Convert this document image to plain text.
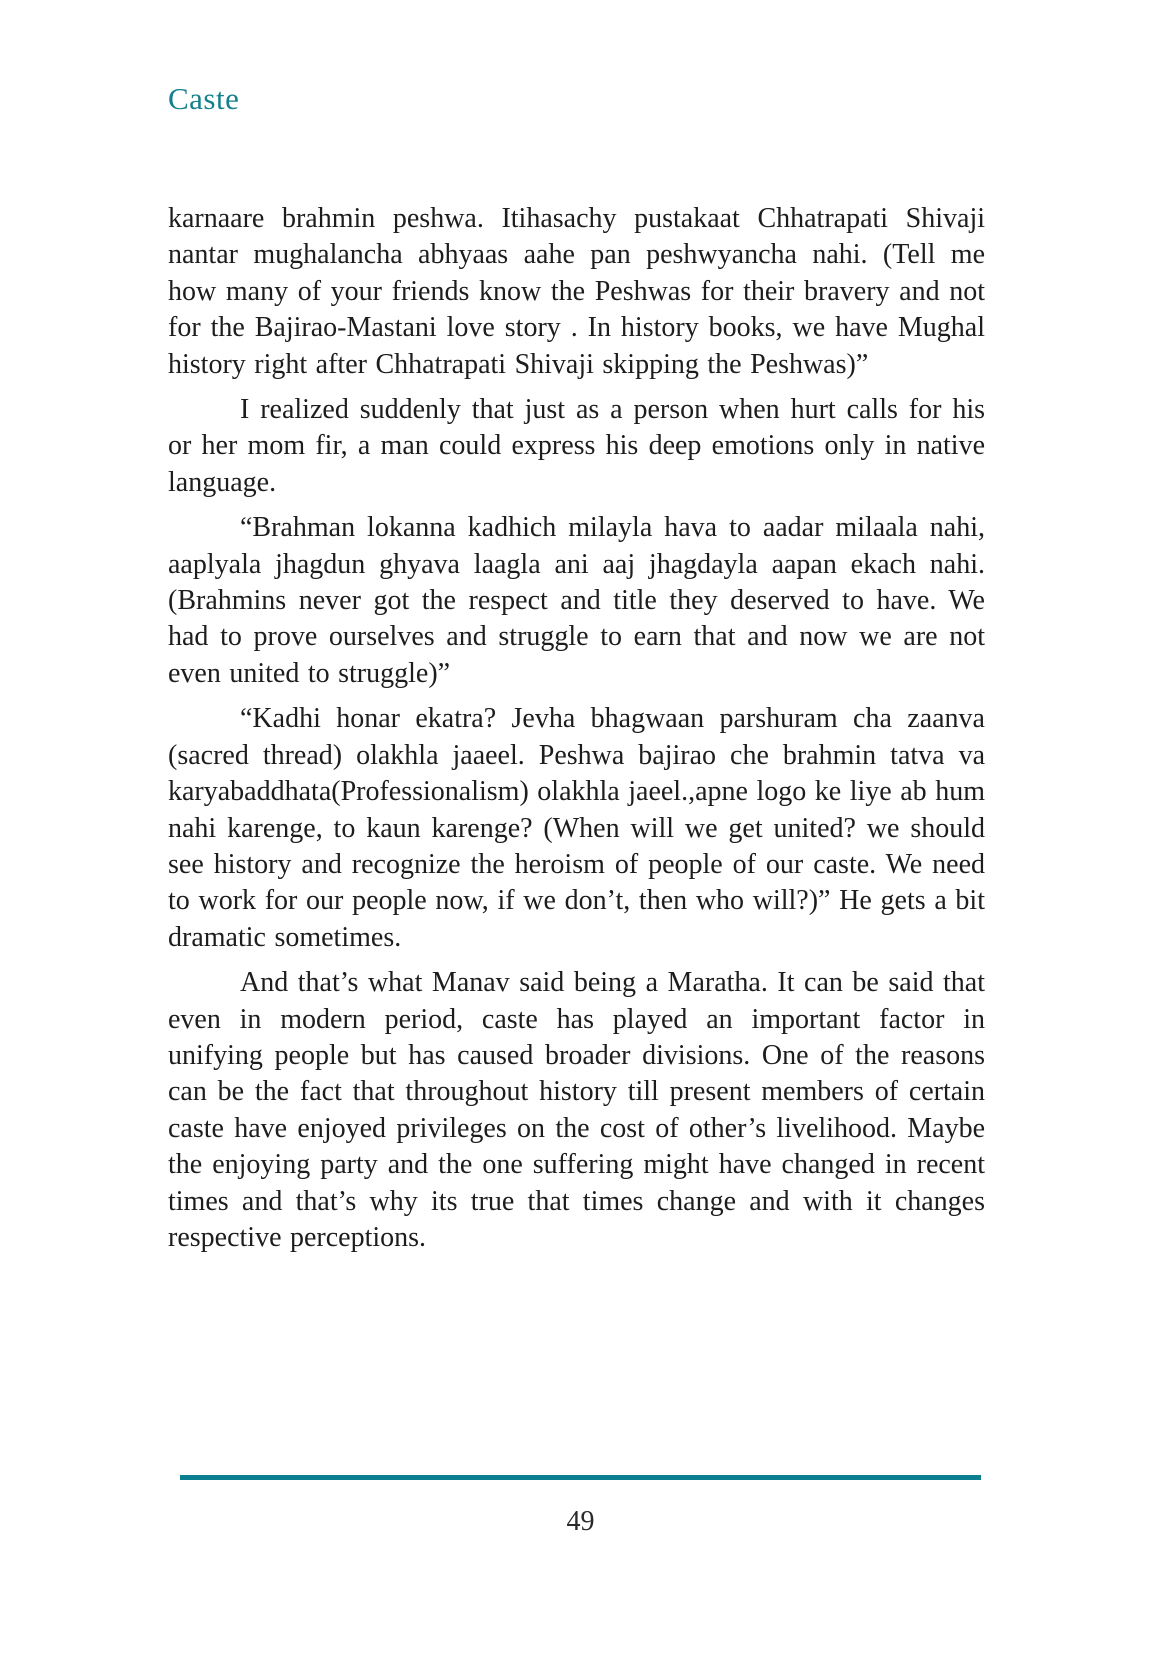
Caste

karnaare brahmin peshwa. Itihasachy pustakaat Chhatrapati Shivaji nantar mughalancha abhyaas aahe pan peshwyancha nahi. (Tell me how many of your friends know the Peshwas for their bravery and not for the Bajirao-Mastani love story . In history books, we have Mughal history right after Chhatrapati Shivaji skipping the Peshwas)”

I realized suddenly that just as a person when hurt calls for his or her mom fir, a man could express his deep emotions only in native language.

“Brahman lokanna kadhich milayla hava to aadar milaala nahi, aaplyala jhagdun ghyava laagla ani aaj jhagdayla aapan ekach nahi. (Brahmins never got the respect and title they deserved to have. We had to prove ourselves and struggle to earn that and now we are not even united to struggle)”

“Kadhi honar ekatra? Jevha bhagwaan parshuram cha zaanva (sacred thread) olakhla jaaeel. Peshwa bajirao che brahmin tatva va karyabaddhata(Professionalism) olakhla jaeel.,apne logo ke liye ab hum nahi karenge, to kaun karenge? (When will we get united? we should see history and recognize the heroism of people of our caste. We need to work for our people now, if we don’t, then who will?)” He gets a bit dramatic sometimes.

And that’s what Manav said being a Maratha. It can be said that even in modern period, caste has played an important factor in unifying people but has caused broader divisions. One of the reasons can be the fact that throughout history till present members of certain caste have enjoyed privileges on the cost of other’s livelihood. Maybe the enjoying party and the one suffering might have changed in recent times and that’s why its true that times change and with it changes respective perceptions.

49
